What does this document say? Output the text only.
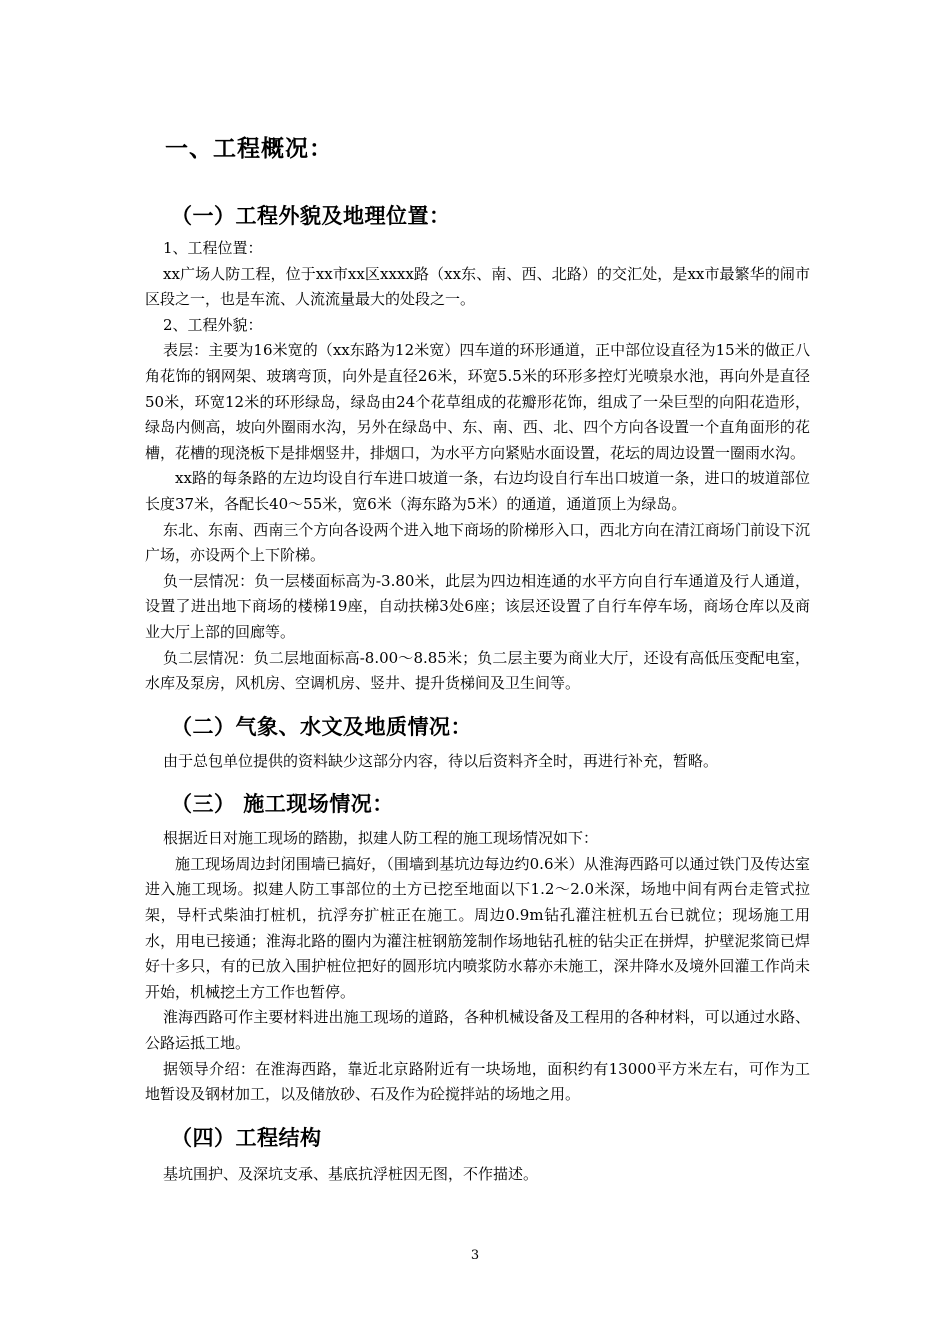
一、工程概况：
（一）工程外貌及地理位置：

1、工程位置：

xx广场人防工程，位于xx市xx区xxxx路（xx东、南、西、北路）的交汇处，是xx市最繁华的闹市区段之一，也是车流、人流流量最大的处段之一。

2、工程外貌：

表层：主要为16米宽的（xx东路为12米宽）四车道的环形通道，正中部位设直径为15米的做正八角花饰的钢网架、玻璃弯顶，向外是直径26米，环宽5.5米的环形多控灯光喷泉水池，再向外是直径50米，环宽12米的环形绿岛，绿岛由24个花草组成的花瓣形花饰，组成了一朵巨型的向阳花造形，绿岛内侧高，坡向外圈雨水沟，另外在绿岛中、东、南、西、北、四个方向各设置一个直角面形的花槽，花槽的现浇板下是排烟竖井，排烟口，为水平方向紧贴水面设置，花坛的周边设置一圈雨水沟。

xx路的每条路的左边均设自行车进口坡道一条，右边均设自行车出口坡道一条，进口的坡道部位长度37米，各配长40～55米，宽6米（海东路为5米）的通道，通道顶上为绿岛。

东北、东南、西南三个方向各设两个进入地下商场的阶梯形入口，西北方向在清江商场门前设下沉广场，亦设两个上下阶梯。

负一层情况：负一层楼面标高为-3.80米，此层为四边相连通的水平方向自行车通道及行人通道，设置了进出地下商场的楼梯19座，自动扶梯3处6座；该层还设置了自行车停车场，商场仓库以及商业大厅上部的回廊等。

负二层情况：负二层地面标高-8.00～8.85米；负二层主要为商业大厅，还设有高低压变配电室，水库及泵房，风机房、空调机房、竖井、提升货梯间及卫生间等。

（二）气象、水文及地质情况：

由于总包单位提供的资料缺少这部分内容，待以后资料齐全时，再进行补充，暂略。

（三） 施工现场情况：

根据近日对施工现场的踏勘，拟建人防工程的施工现场情况如下：

施工现场周边封闭围墙已搞好，（围墙到基坑边每边约0.6米）从淮海西路可以通过铁门及传达室进入施工现场。拟建人防工事部位的土方已挖至地面以下1.2～2.0米深，场地中间有两台走管式拉架，导杆式柴油打桩机，抗浮夯扩桩正在施工。周边0.9m钻孔灌注桩机五台已就位；现场施工用水，用电已接通；淮海北路的圈内为灌注桩钢筋笼制作场地钻孔桩的钻尖正在拼焊，护壁泥浆筒已焊好十多只，有的已放入围护桩位把好的圆形坑内喷浆防水幕亦未施工，深井降水及境外回灌工作尚未开始，机械挖土方工作也暂停。

淮海西路可作主要材料进出施工现场的道路，各种机械设备及工程用的各种材料，可以通过水路、公路运抵工地。

据领导介绍：在淮海西路，靠近北京路附近有一块场地，面积约有13000平方米左右，可作为工地暂设及钢材加工，以及储放砂、石及作为砼搅拌站的场地之用。

（四）工程结构

基坑围护、及深坑支承、基底抗浮桩因无图，不作描述。

3
